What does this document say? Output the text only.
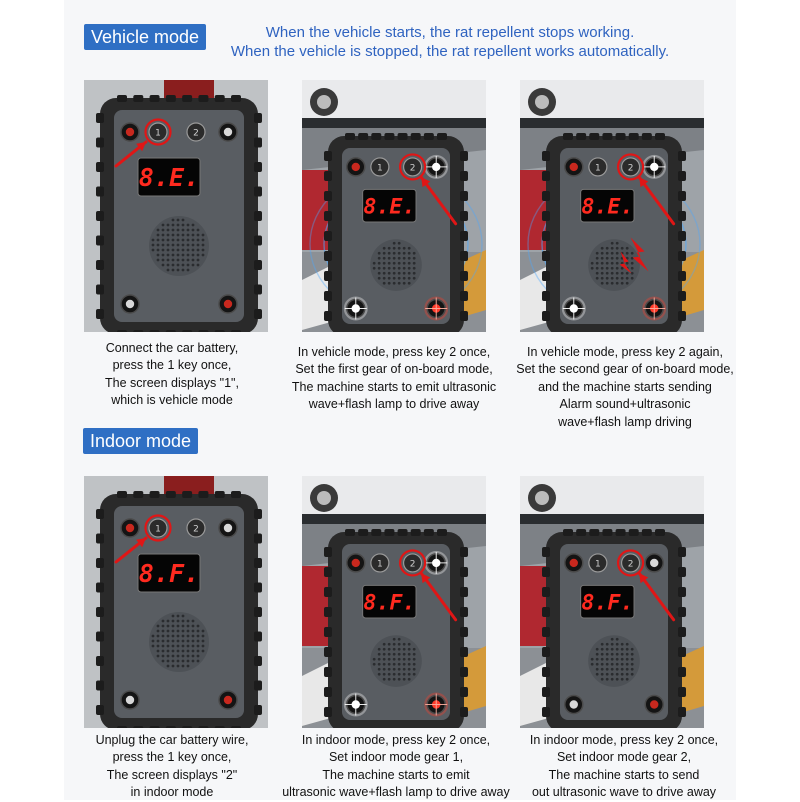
Vehicle mode	When the vehicle starts, the rat repellent stops working.
When the vehicle is stopped, the rat repellent works automatically.
1	2
8.E.	1	2
8.E.
1	2
8.E.
Connect the car battery,
press the 1 key once,
The screen displays "1",
which is vehicle mode
In vehicle mode, press key 2 once,
Set the first gear of on-board mode,
The machine starts to emit ultrasonic
wave+flash lamp to drive away
In vehicle mode, press key 2 again,
Set the second gear of on-board mode,
and the machine starts sending
Alarm sound+ultrasonic
wave+flash lamp driving
Indoor mode
1	2
8.F.	1	2
8.F.
1	2
8.F.
Unplug the car battery wire,
press the 1 key once,
The screen displays "2"
in indoor mode
In indoor mode, press key 2 once,
Set indoor mode gear 1,
The machine starts to emit
ultrasonic wave+flash lamp to drive away
In indoor mode, press key 2 once,
Set indoor mode gear 2,
The machine starts to send
out ultrasonic wave to drive away
